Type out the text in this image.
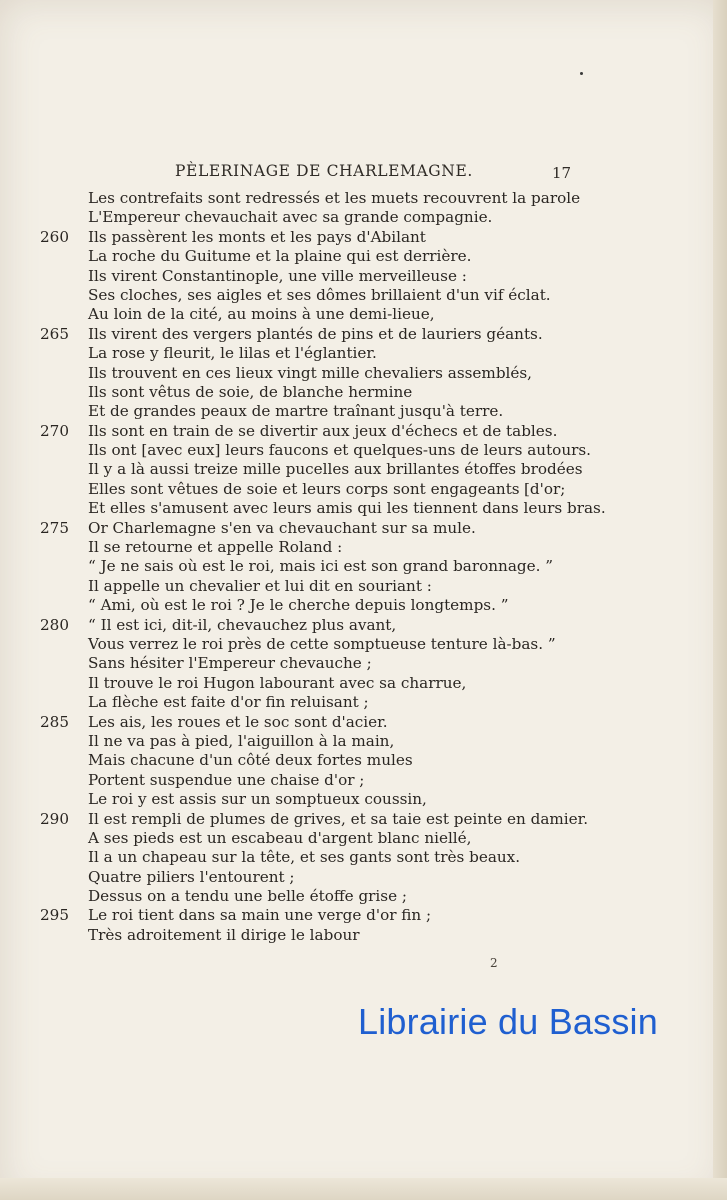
PÈLERINAGE DE CHARLEMAGNE.	17
Les contrefaits sont redressés et les muets recouvrent la parole
L'Empereur chevauchait avec sa grande compagnie.
260	Ils passèrent les monts et les pays d'Abilant
La roche du Guitume et la plaine qui est derrière.
Ils virent Constantinople, une ville merveilleuse :
Ses cloches, ses aigles et ses dômes brillaient d'un vif éclat.
Au loin de la cité, au moins à une demi-lieue,
265	Ils virent des vergers plantés de pins et de lauriers géants.
La rose y fleurit, le lilas et l'églantier.
Ils trouvent en ces lieux vingt mille chevaliers assemblés,
Ils sont vêtus de soie, de blanche hermine
Et de grandes peaux de martre traînant jusqu'à terre.
270	Ils sont en train de se divertir aux jeux d'échecs et de tables.
Ils ont [avec eux] leurs faucons et quelques-uns de leurs autours.
Il y a là aussi treize mille pucelles aux brillantes étoffes brodées
Elles sont vêtues de soie et leurs corps sont engageants [d'or;
Et elles s'amusent avec leurs amis qui les tiennent dans leurs bras.
275	Or Charlemagne s'en va chevauchant sur sa mule.
Il se retourne et appelle Roland :
“ Je ne sais où est le roi, mais ici est son grand baronnage. ”
Il appelle un chevalier et lui dit en souriant :
“ Ami, où est le roi ? Je le cherche depuis longtemps. ”
280	“ Il est ici, dit-il, chevauchez plus avant,
Vous verrez le roi près de cette somptueuse tenture là-bas. ”
Sans hésiter l'Empereur chevauche ;
Il trouve le roi Hugon labourant avec sa charrue,
La flèche est faite d'or fin reluisant ;
285	Les ais, les roues et le soc sont d'acier.
Il ne va pas à pied, l'aiguillon à la main,
Mais chacune d'un côté deux fortes mules
Portent suspendue une chaise d'or ;
Le roi y est assis sur un somptueux coussin,
290	Il est rempli de plumes de grives, et sa taie est peinte en damier.
A ses pieds est un escabeau d'argent blanc niellé,
Il a un chapeau sur la tête, et ses gants sont très beaux.
Quatre piliers l'entourent ;
Dessus on a tendu une belle étoffe grise ;
295	Le roi tient dans sa main une verge d'or fin ;
Très adroitement il dirige le labour
2
Librairie du Bassin
